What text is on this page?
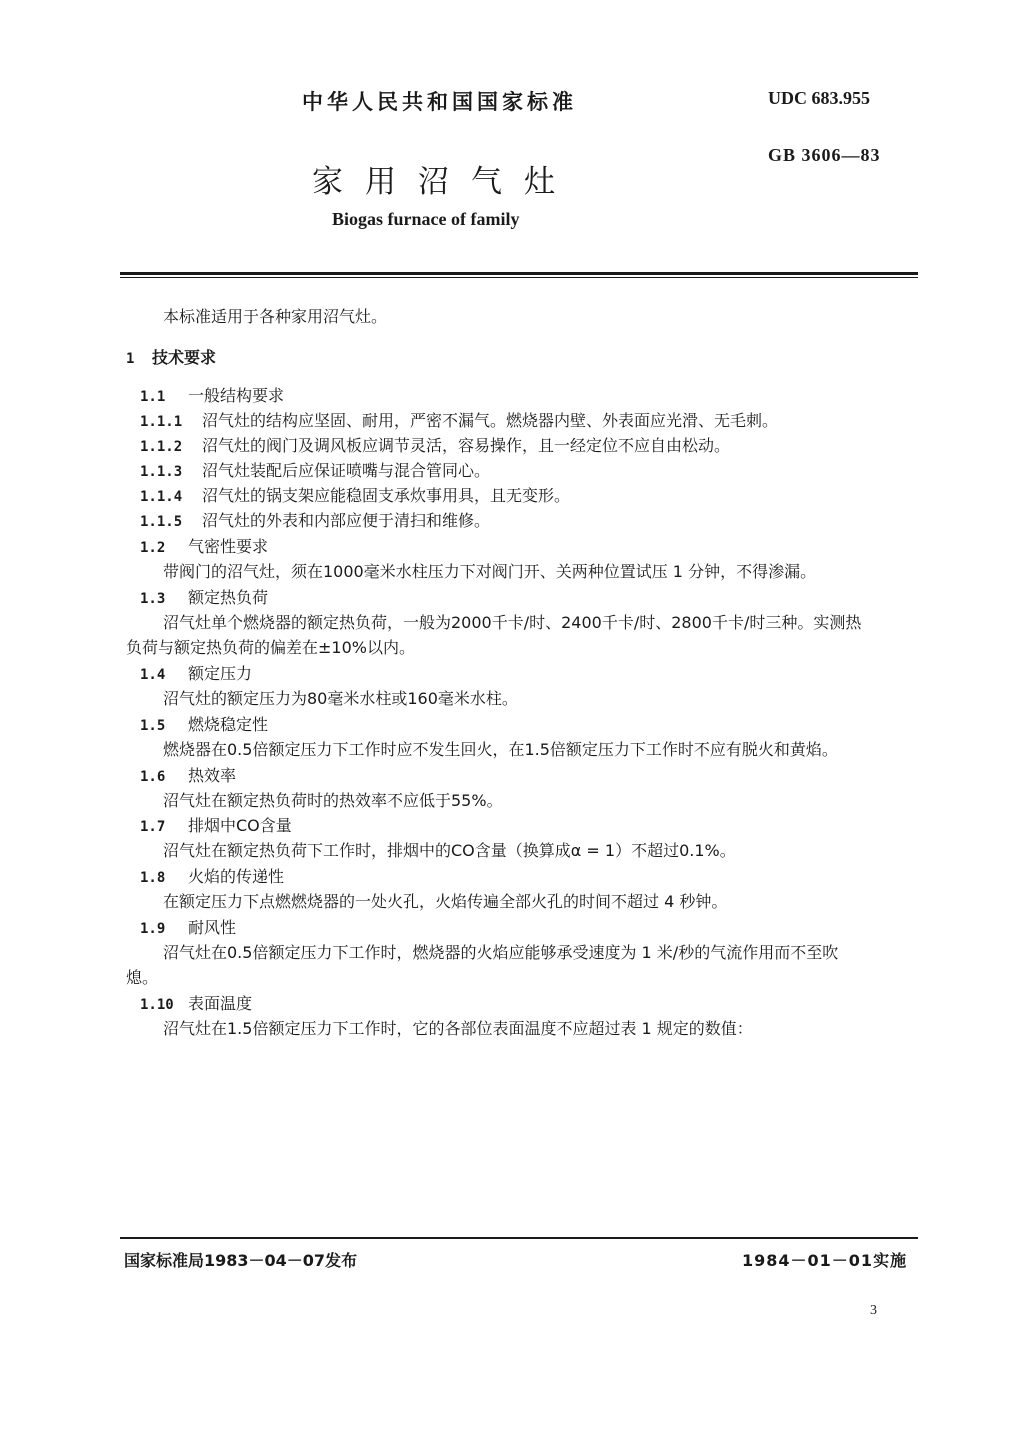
中华人民共和国国家标准	UDC 683.955
GB 3606—83
家用沼气灶
Biogas furnace of family
本标准适用于各种家用沼气灶。
1 技术要求
1.1 一般结构要求
1.1.1 沼气灶的结构应坚固、耐用，严密不漏气。燃烧器内壁、外表面应光滑、无毛刺。
1.1.2 沼气灶的阀门及调风板应调节灵活，容易操作，且一经定位不应自由松动。
1.1.3 沼气灶装配后应保证喷嘴与混合管同心。
1.1.4 沼气灶的锅支架应能稳固支承炊事用具，且无变形。
1.1.5 沼气灶的外表和内部应便于清扫和维修。
1.2 气密性要求
带阀门的沼气灶，须在1000毫米水柱压力下对阀门开、关两种位置试压 1 分钟，不得渗漏。
1.3 额定热负荷
沼气灶单个燃烧器的额定热负荷，一般为2000千卡/时、2400千卡/时、2800千卡/时三种。实测热
负荷与额定热负荷的偏差在±10%以内。
1.4 额定压力
沼气灶的额定压力为80毫米水柱或160毫米水柱。
1.5 燃烧稳定性
燃烧器在0.5倍额定压力下工作时应不发生回火，在1.5倍额定压力下工作时不应有脱火和黄焰。
1.6 热效率
沼气灶在额定热负荷时的热效率不应低于55%。
1.7 排烟中CO含量
沼气灶在额定热负荷下工作时，排烟中的CO含量（换算成α = 1）不超过0.1%。
1.8 火焰的传递性
在额定压力下点燃燃烧器的一处火孔，火焰传遍全部火孔的时间不超过 4 秒钟。
1.9 耐风性
沼气灶在0.5倍额定压力下工作时，燃烧器的火焰应能够承受速度为 1 米/秒的气流作用而不至吹
熄。
1.10 表面温度
沼气灶在1.5倍额定压力下工作时，它的各部位表面温度不应超过表 1 规定的数值：
国家标准局1983－04－07发布	1984－01－01实施
3
